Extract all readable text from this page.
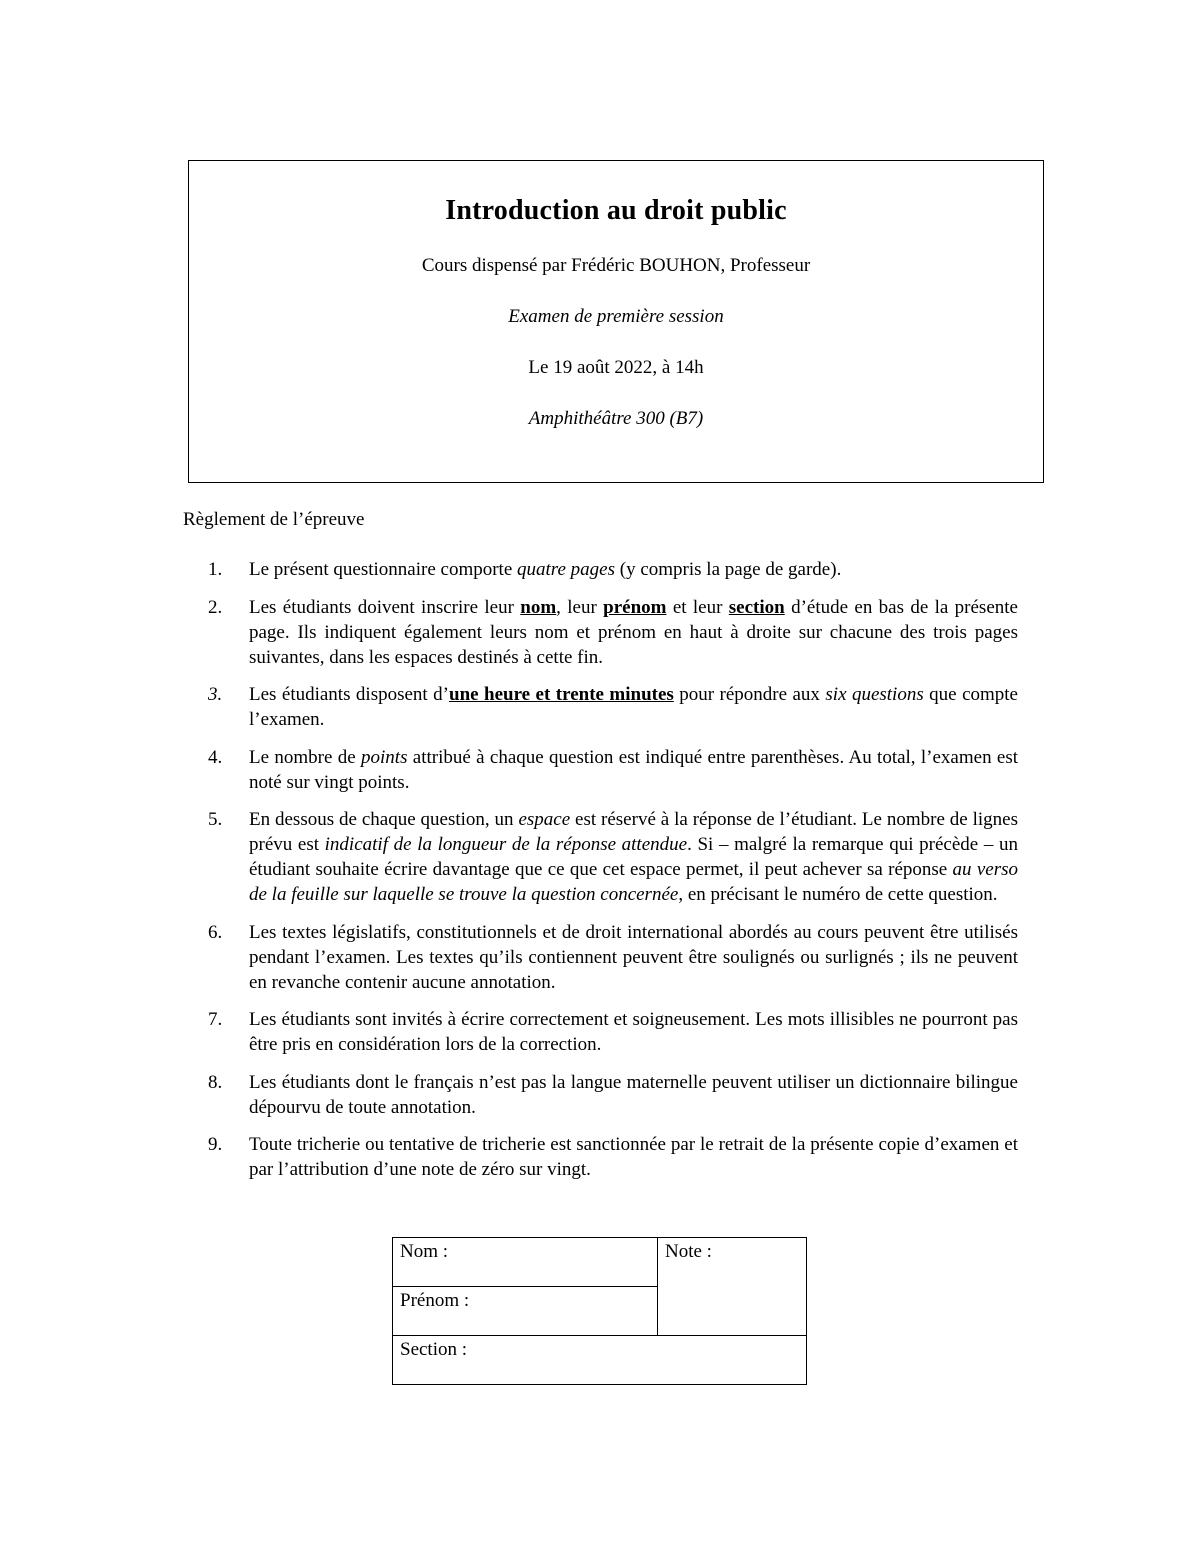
Introduction au droit public
Cours dispensé par Frédéric BOUHON, Professeur
Examen de première session
Le 19 août 2022, à 14h
Amphithéâtre 300 (B7)
Règlement de l’épreuve
1.	Le présent questionnaire comporte quatre pages (y compris la page de garde).
2.	Les étudiants doivent inscrire leur nom, leur prénom et leur section d’étude en bas de la présente page. Ils indiquent également leurs nom et prénom en haut à droite sur chacune des trois pages suivantes, dans les espaces destinés à cette fin.
3.	Les étudiants disposent d’une heure et trente minutes pour répondre aux six questions que compte l’examen.
4.	Le nombre de points attribué à chaque question est indiqué entre parenthèses. Au total, l’examen est noté sur vingt points.
5.	En dessous de chaque question, un espace est réservé à la réponse de l’étudiant. Le nombre de lignes prévu est indicatif de la longueur de la réponse attendue. Si – malgré la remarque qui précède – un étudiant souhaite écrire davantage que ce que cet espace permet, il peut achever sa réponse au verso de la feuille sur laquelle se trouve la question concernée, en précisant le numéro de cette question.
6.	Les textes législatifs, constitutionnels et de droit international abordés au cours peuvent être utilisés pendant l’examen. Les textes qu’ils contiennent peuvent être soulignés ou surlignés ; ils ne peuvent en revanche contenir aucune annotation.
7.	Les étudiants sont invités à écrire correctement et soigneusement. Les mots illisibles ne pourront pas être pris en considération lors de la correction.
8.	Les étudiants dont le français n’est pas la langue maternelle peuvent utiliser un dictionnaire bilingue dépourvu de toute annotation.
9.	Toute tricherie ou tentative de tricherie est sanctionnée par le retrait de la présente copie d’examen et par l’attribution d’une note de zéro sur vingt.
Nom :	Note :
Prénom :
Section :
